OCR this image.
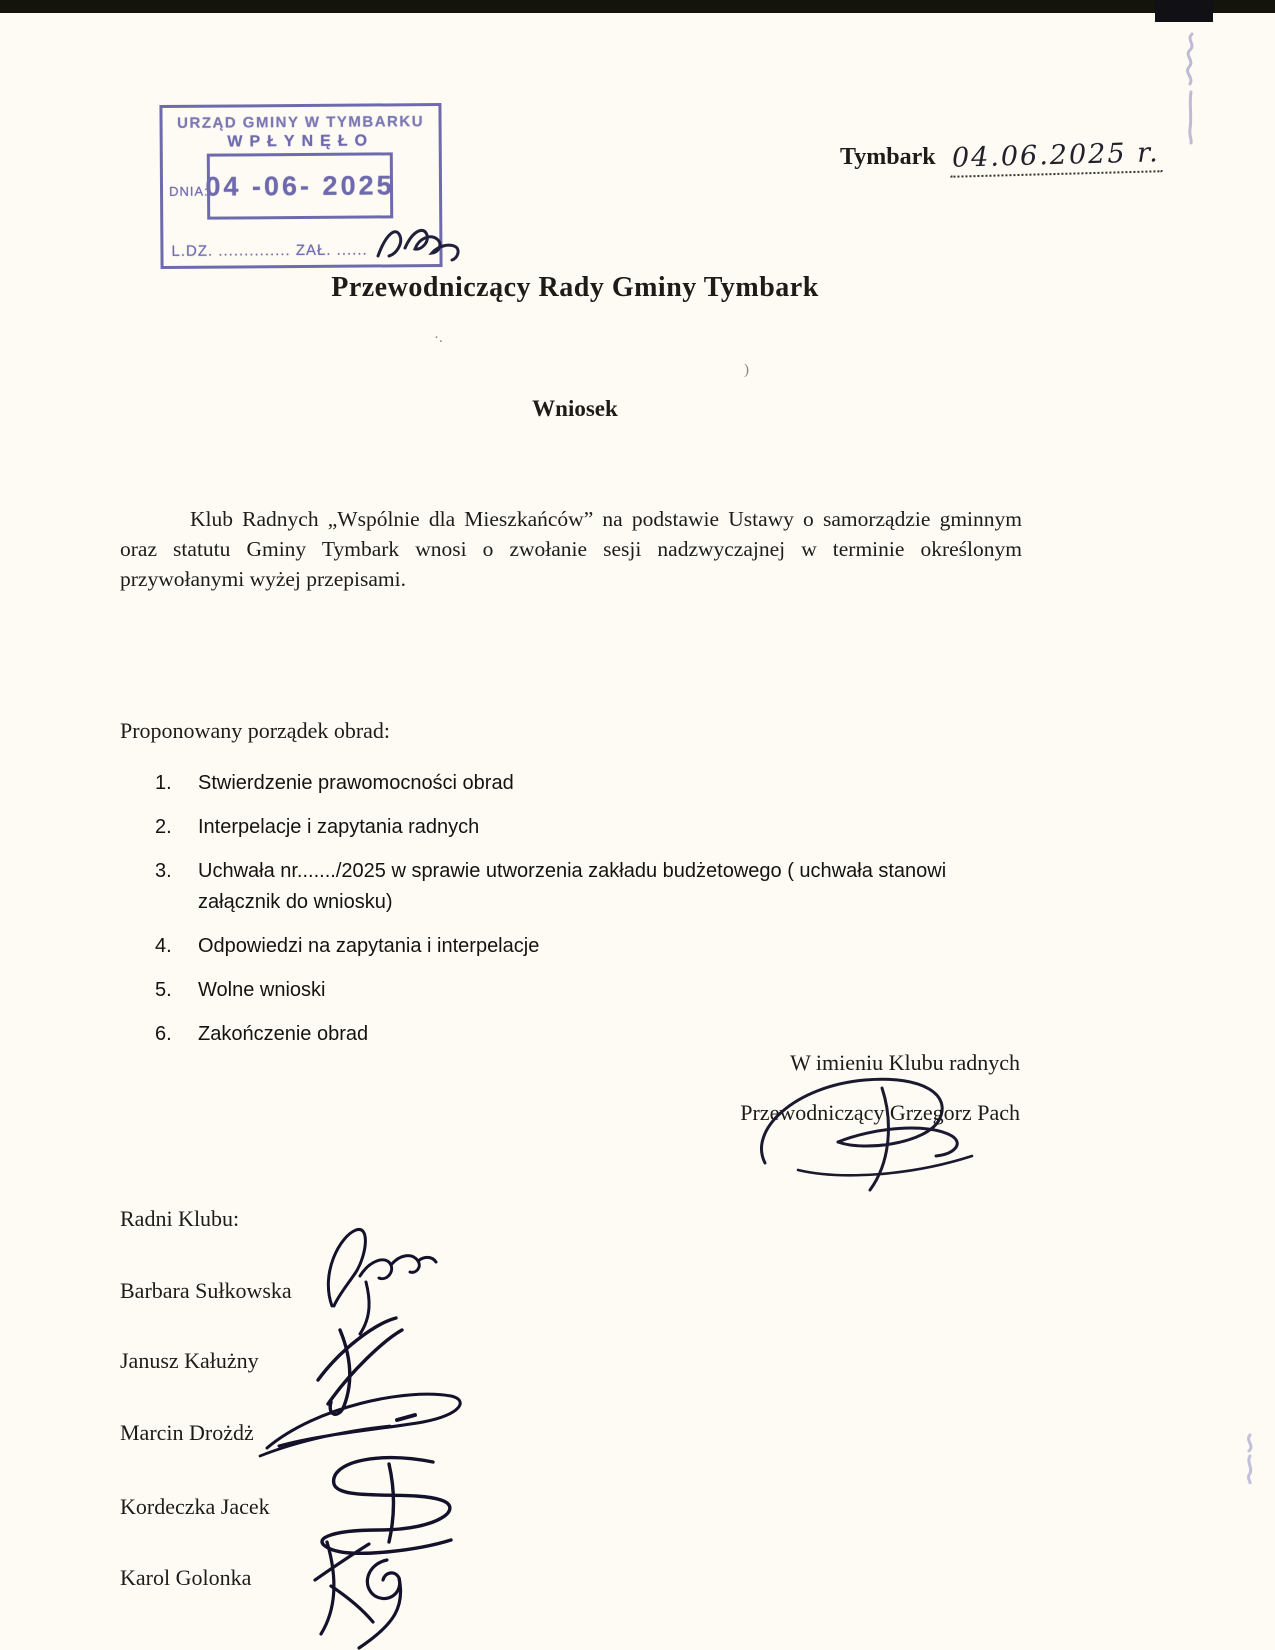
)
·.
URZĄD GMINY W TYMBARKU
WPŁYNĘŁO
DNIA:
04 -06- 2025
L.DZ. .............. ZAŁ. ......
Tymbark 04.06.2025 r.
Przewodniczący Rady Gminy Tymbark
Wniosek

Klub Radnych „Wspólnie dla Mieszkańców” na podstawie Ustawy o samorządzie gminnym oraz statutu Gminy Tymbark wnosi o zwołanie sesji nadzwyczajnej w terminie określonym przywołanymi wyżej przepisami.

Proponowany porządek obrad:
Stwierdzenie prawomocności obrad
Interpelacje i zapytania radnych
Uchwała nr......./2025 w sprawie utworzenia zakładu budżetowego ( uchwała stanowi załącznik do wniosku)
Odpowiedzi na zapytania i interpelacje
Wolne wnioski
Zakończenie obrad
W imieniu Klubu radnych
Przewodniczący Grzegorz Pach
Radni Klubu:
Barbara Sułkowska
Janusz Kałużny
Marcin Drożdż
Kordeczka Jacek
Karol Golonka
